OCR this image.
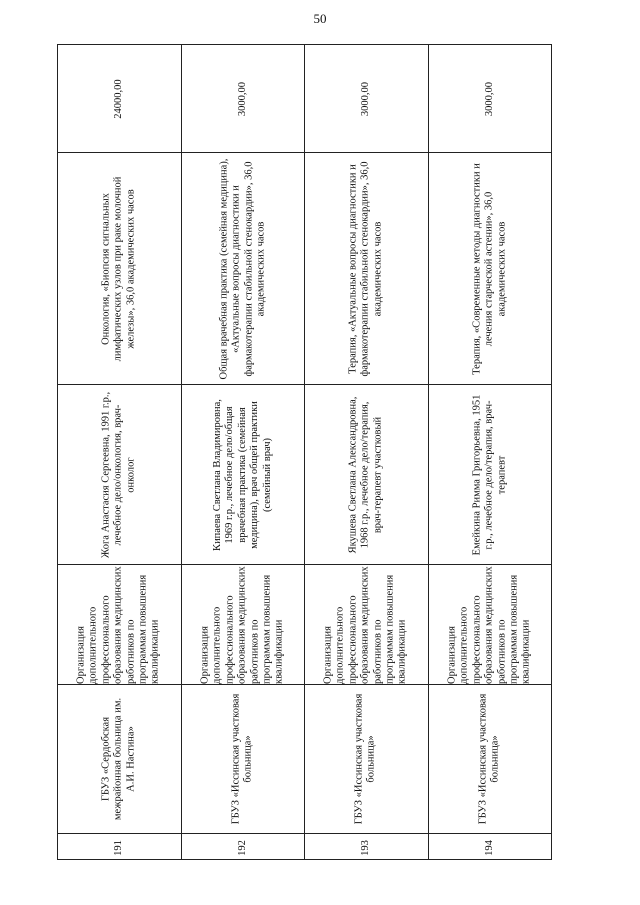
50
24000,00
Онкология, «Биопсия сигнальных лимфатических узлов при раке молочной железы», 36,0 академических часов
Жога Анастасия Сергеевна, 1991 г.р., лечебное дело/онкология, врач-онколог
Организация дополнительного профессионального образования медицинских работников по программам повышения квалификации
ГБУЗ «Сердобская межрайонная больница им. А.И. Настина»
191
3000,00
Общая врачебная практика (семейная медицина), «Актуальные вопросы диагностики и фармакотерапии стабильной стенокардии», 36,0 академических часов
Кипаева Светлана Владимировна, 1969 г.р., лечебное дело/общая врачебная практика (семейная медицина), врач общей практики (семейный врач)
Организация дополнительного профессионального образования медицинских работников по программам повышения квалификации
ГБУЗ «Иссинская участковая больница»
192
3000,00
Терапия, «Актуальные вопросы диагностики и фармакотерапии стабильной стенокардии», 36,0 академических часов
Якушева Светлана Александровна, 1968 г.р., лечебное дело/терапия, врач-терапевт участковый
Организация дополнительного профессионального образования медицинских работников по программам повышения квалификации
ГБУЗ «Иссинская участковая больница»
193
3000,00
Терапия, «Современные методы диагностики и лечения старческой астении», 36,0 академических часов
Емейкина Римма Григорьевна, 1951 г.р., лечебное дело/терапия, врач-терапевт
Организация дополнительного профессионального образования медицинских работников по программам повышения квалификации
ГБУЗ «Иссинская участковая больница»
194
